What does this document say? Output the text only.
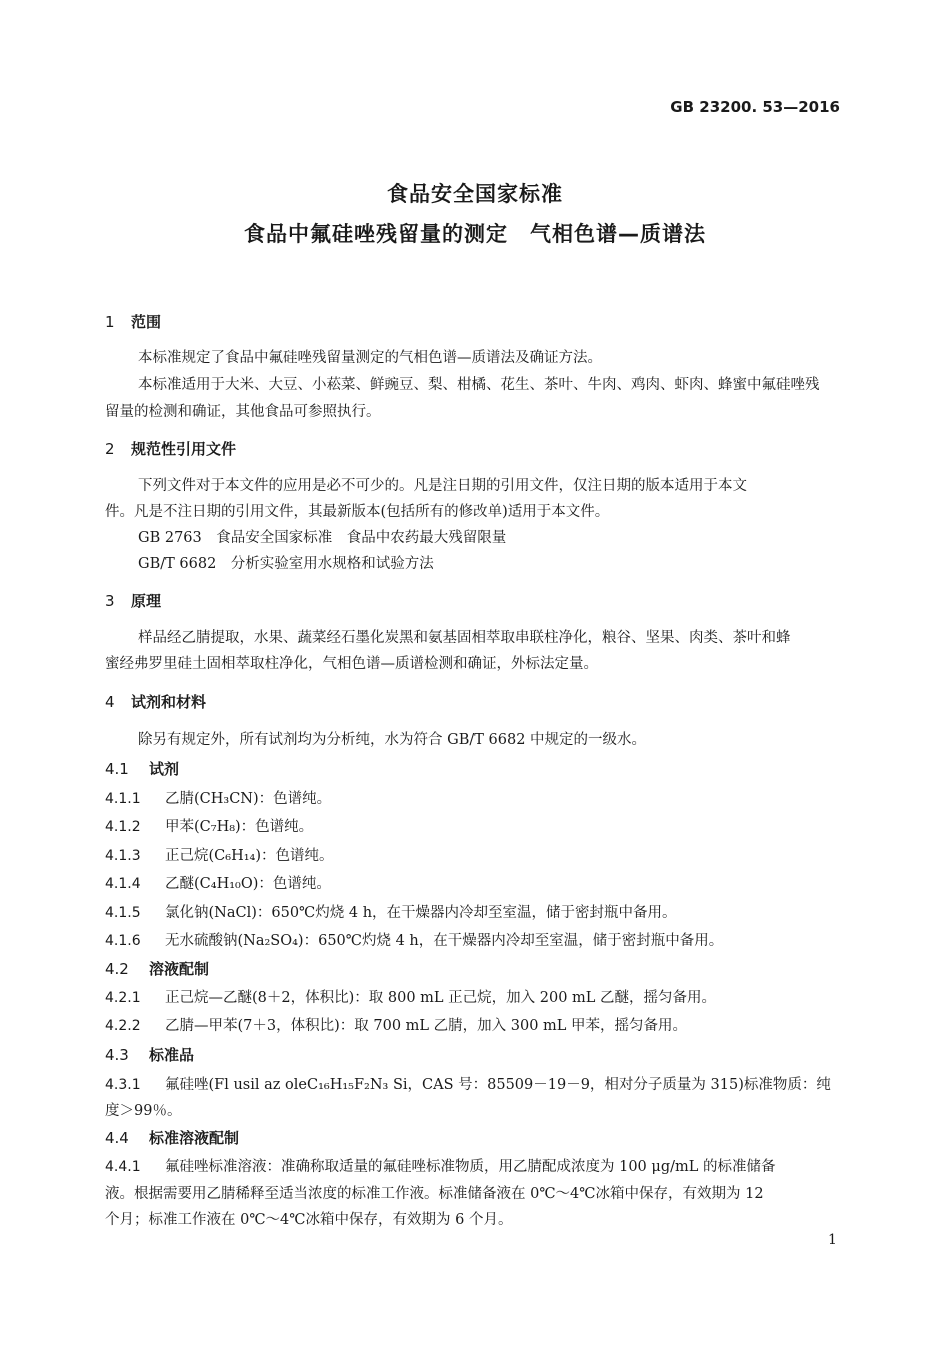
GB 23200. 53—2016
食品安全国家标准
食品中氟硅唑残留量的测定　气相色谱—质谱法
1 范围
本标准规定了食品中氟硅唑残留量测定的气相色谱—质谱法及确证方法。
本标准适用于大米、大豆、小菘菜、鲜豌豆、梨、柑橘、花生、茶叶、牛肉、鸡肉、虾肉、蜂蜜中氟硅唑残
留量的检测和确证，其他食品可参照执行。
2 规范性引用文件
下列文件对于本文件的应用是必不可少的。凡是注日期的引用文件，仅注日期的版本适用于本文
件。凡是不注日期的引用文件，其最新版本(包括所有的修改单)适用于本文件。
GB 2763　食品安全国家标准　食品中农药最大残留限量
GB/T 6682　分析实验室用水规格和试验方法
3 原理
样品经乙腈提取，水果、蔬菜经石墨化炭黑和氨基固相萃取串联柱净化，粮谷、坚果、肉类、茶叶和蜂
蜜经弗罗里硅土固相萃取柱净化，气相色谱—质谱检测和确证，外标法定量。
4 试剂和材料
除另有规定外，所有试剂均为分析纯，水为符合 GB/T 6682 中规定的一级水。
4.1 试剂
4.1.1 乙腈(CH₃CN)：色谱纯。
4.1.2 甲苯(C₇H₈)：色谱纯。
4.1.3 正己烷(C₆H₁₄)：色谱纯。
4.1.4 乙醚(C₄H₁₀O)：色谱纯。
4.1.5 氯化钠(NaCl)：650℃灼烧 4 h，在干燥器内冷却至室温，储于密封瓶中备用。
4.1.6 无水硫酸钠(Na₂SO₄)：650℃灼烧 4 h，在干燥器内冷却至室温，储于密封瓶中备用。
4.2 溶液配制
4.2.1 正己烷—乙醚(8＋2，体积比)：取 800 mL 正己烷，加入 200 mL 乙醚，摇匀备用。
4.2.2 乙腈—甲苯(7＋3，体积比)：取 700 mL 乙腈，加入 300 mL 甲苯，摇匀备用。
4.3 标准品
4.3.1 氟硅唑(Fl usil az oleC₁₆H₁₅F₂N₃ Si，CAS 号：85509－19－9，相对分子质量为 315)标准物质：纯
度＞99％。
4.4 标准溶液配制
4.4.1 氟硅唑标准溶液：准确称取适量的氟硅唑标准物质，用乙腈配成浓度为 100 μg/mL 的标准储备
液。根据需要用乙腈稀释至适当浓度的标准工作液。标准储备液在 0℃～4℃冰箱中保存，有效期为 12
个月；标准工作液在 0℃～4℃冰箱中保存，有效期为 6 个月。
1
